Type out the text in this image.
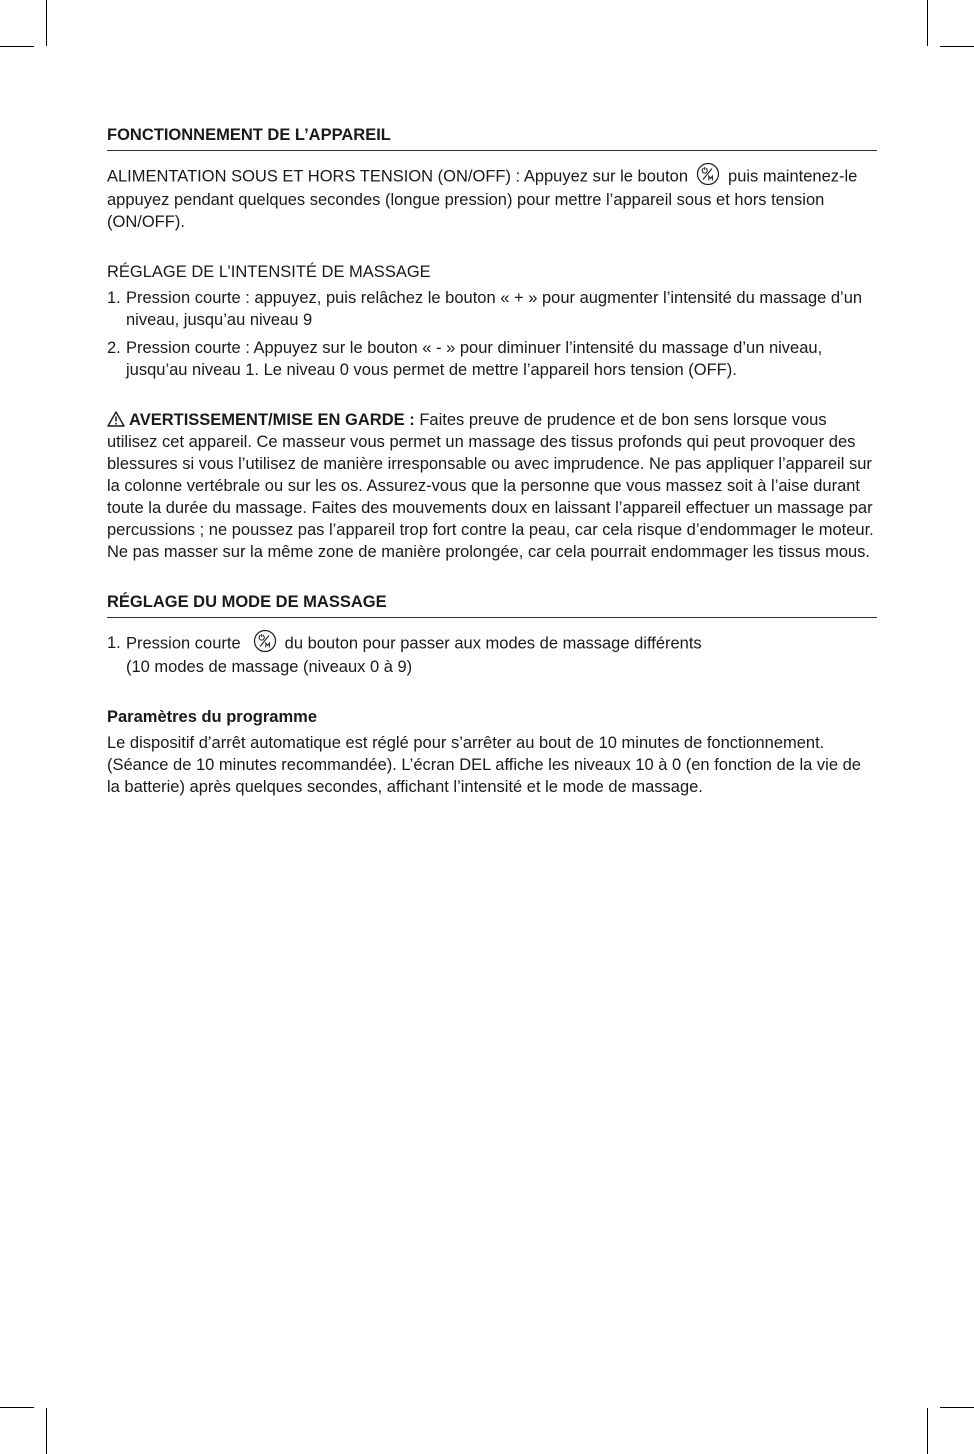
FONCTIONNEMENT DE L’APPAREIL

ALIMENTATION SOUS ET HORS TENSION (ON/OFF) : Appuyez sur le bouton puis maintenez-le appuyez pendant quelques secondes (longue pression) pour mettre l’appareil sous et hors tension (ON/OFF).

RÉGLAGE DE L’INTENSITÉ DE MASSAGE

1. Pression courte : appuyez, puis relâchez le bouton « + » pour augmenter l’intensité du massage d’un niveau, jusqu’au niveau 9
2. Pression courte : Appuyez sur le bouton « - » pour diminuer l’intensité du massage d’un niveau, jusqu’au niveau 1. Le niveau 0 vous permet de mettre l’appareil hors tension (OFF).

AVERTISSEMENT/MISE EN GARDE : Faites preuve de prudence et de bon sens lorsque vous utilisez cet appareil. Ce masseur vous permet un massage des tissus profonds qui peut provoquer des blessures si vous l’utilisez de manière irresponsable ou avec imprudence. Ne pas appliquer l’appareil sur la colonne vertébrale ou sur les os. Assurez-vous que la personne que vous massez soit à l’aise durant toute la durée du massage. Faites des mouvements doux en laissant l’appareil effectuer un massage par percussions ; ne poussez pas l’appareil trop fort contre la peau, car cela risque d’endommager le moteur. Ne pas masser sur la même zone de manière prolongée, car cela pourrait endommager les tissus mous.

RÉGLAGE DU MODE DE MASSAGE
1. Pression courte	du bouton pour passer aux modes de massage différents
(10 modes de massage (niveaux 0 à 9)

Paramètres du programme

Le dispositif d’arrêt automatique est réglé pour s’arrêter au bout de 10 minutes de fonctionnement. (Séance de 10 minutes recommandée). L’écran DEL affiche les niveaux 10 à 0 (en fonction de la vie de la batterie) après quelques secondes, affichant l’intensité et le mode de massage.
